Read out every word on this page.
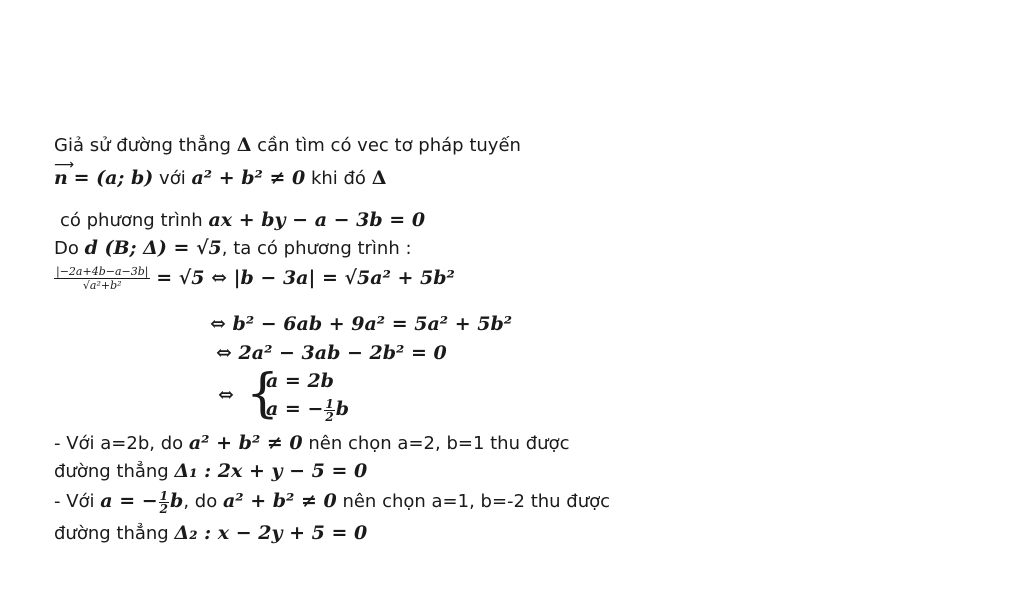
Giả sử đường thẳng Δ cần tìm có vec tơ pháp tuyến
⟶
n = (a; b) với a² + b² ≠ 0 khi đó Δ
có phương trình ax + by − a − 3b = 0
Do d (B; Δ) = √5, ta có phương trình :
$\frac{|-2a+4b-a-3b|}{\text{√a²+b²}} = √5$ ⇔ |b − 3a| = √5a² + 5b²
⇔ b² − 6ab + 9a² = 5a² + 5b²
⇔ 2a² − 3ab − 2b² = 0
⇔ {
a = 2b
a = − $\frac{1}{2}$ b
- Với a=2b, do a² + b² ≠ 0 nên chọn a=2, b=1 thu được
đường thẳng Δ₁ : 2x + y − 5 = 0
- Với a = − $\frac{1}{2} b$, do a² + b² ≠ 0 nên chọn a=1, b=-2 thu được
đường thẳng Δ₂ : x − 2y + 5 = 0
